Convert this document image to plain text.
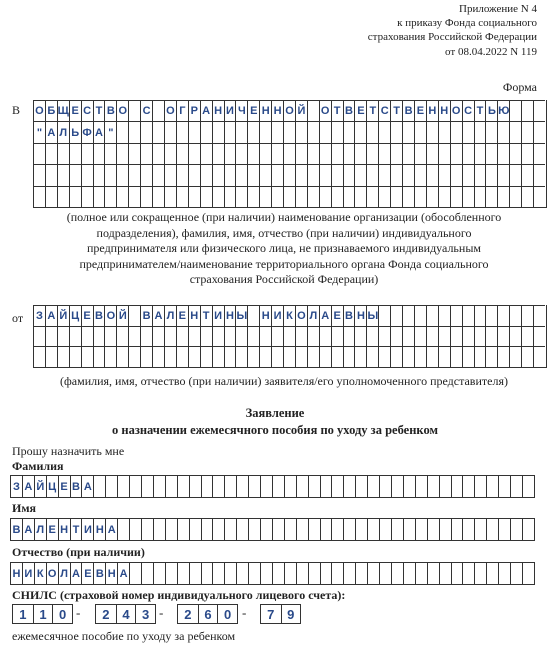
Приложение N 4
к приказу Фонда социального
страхования Российской Федерации
от 08.04.2022 N 119
Форма
В О Б Щ Е С Т В О С О Г Р А Н И Ч Е Н Н О Й О Т В Е Т С Т В Е Н Н О С Т Ь Ю
" А Л Ь Ф А "
(полное или сокращенное (при наличии) наименование организации (обособленного
подразделения), фамилия, имя, отчество (при наличии) индивидуального
предпринимателя или физического лица, не признаваемого индивидуальным
предпринимателем/наименование территориального органа Фонда социального
страхования Российской Федерации)
от З А Й Ц Е В О Й В А Л Е Н Т И Н Ы Н И К О Л А Е В Н Ы
(фамилия, имя, отчество (при наличии) заявителя/его уполномоченного представителя)
Заявление
о назначении ежемесячного пособия по уходу за ребенком
Прошу назначить мне
Фамилия
З А Й Ц Е В А
Имя
В А Л Е Н Т И Н А
Отчество (при наличии)
Н И К О Л А Е В Н А
СНИЛС (страховой номер индивидуального лицевого счета):
1 1 0	2 4 3	2 6 0	7 9
-	-	-
ежемесячное пособие по уходу за ребенком
